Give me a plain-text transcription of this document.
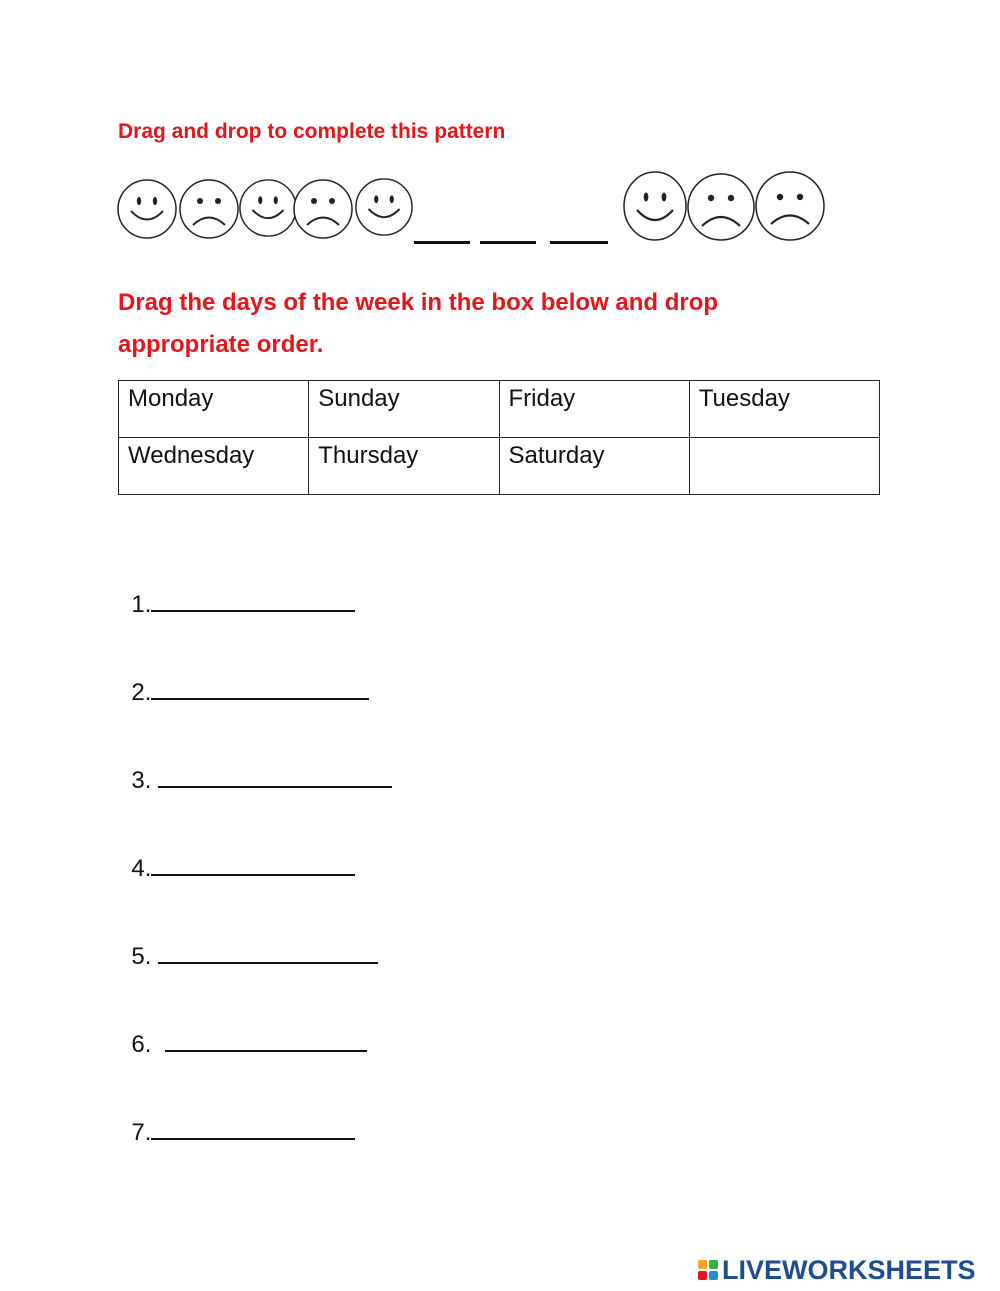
Drag and drop to complete this pattern

Drag the days of the week in the box below and drop appropriate order.

Monday	Sunday	Friday	Tuesday
Wednesday	Thursday	Saturday	

1.

2.

3.

4.

5.

6.

7.

LIVEWORKSHEETS
